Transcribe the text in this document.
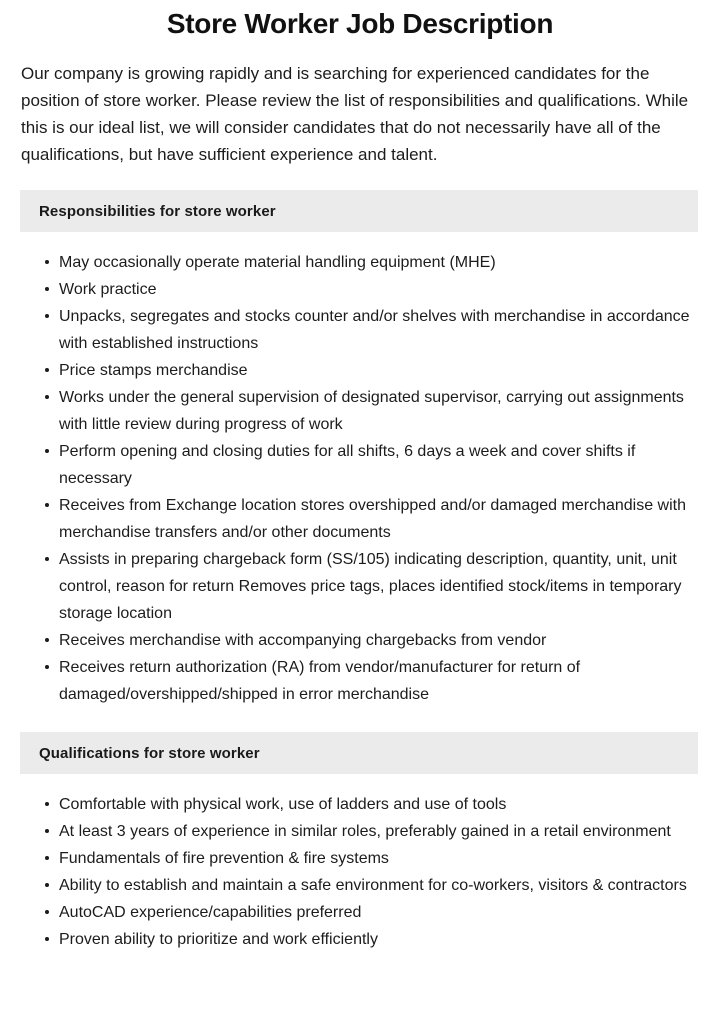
Store Worker Job Description

Our company is growing rapidly and is searching for experienced candidates for the position of store worker. Please review the list of responsibilities and qualifications. While this is our ideal list, we will consider candidates that do not necessarily have all of the qualifications, but have sufficient experience and talent.

Responsibilities for store worker
May occasionally operate material handling equipment (MHE)
Work practice
Unpacks, segregates and stocks counter and/or shelves with merchandise in accordance with established instructions
Price stamps merchandise
Works under the general supervision of designated supervisor, carrying out assignments with little review during progress of work
Perform opening and closing duties for all shifts, 6 days a week and cover shifts if necessary
Receives from Exchange location stores overshipped and/or damaged merchandise with merchandise transfers and/or other documents
Assists in preparing chargeback form (SS/105) indicating description, quantity, unit, unit control, reason for return Removes price tags, places identified stock/items in temporary storage location
Receives merchandise with accompanying chargebacks from vendor
Receives return authorization (RA) from vendor/manufacturer for return of damaged/overshipped/shipped in error merchandise
Qualifications for store worker
Comfortable with physical work, use of ladders and use of tools
At least 3 years of experience in similar roles, preferably gained in a retail environment
Fundamentals of fire prevention & fire systems
Ability to establish and maintain a safe environment for co-workers, visitors & contractors
AutoCAD experience/capabilities preferred
Proven ability to prioritize and work efficiently
